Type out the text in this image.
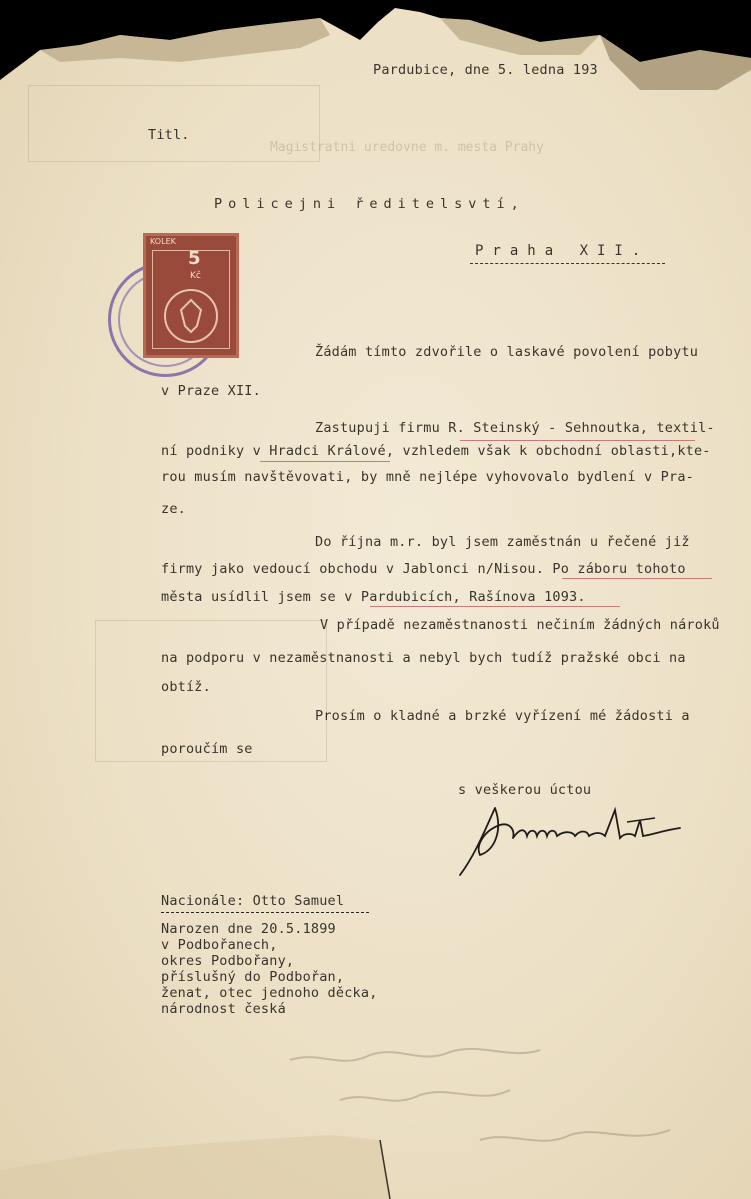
Magistratni uredovne m. mesta Prahy
Pardubice, dne 5. ledna 193
Titl.
Policejni ředitelsvtí,
Praha XII.
KOLEK
5
Kč
Žádám tímto zdvořile o laskavé povolení pobytu
v Praze XII.
Zastupuji firmu R. Steinský - Sehnoutka, textil-
ní podniky v Hradci Králové, vzhledem však k obchodní oblasti,kte-
rou musím navštěvovati, by mně nejlépe vyhovovalo bydlení v Pra-
ze.
Do října m.r. byl jsem zaměstnán u řečené již
firmy jako vedoucí obchodu v Jablonci n/Nisou. Po záboru tohoto
města usídlil jsem se v Pardubicích, Rašínova 1093.
V případě nezaměstnanosti nečiním žádných nároků
na podporu v nezaměstnanosti a nebyl bych tudíž pražské obci na
obtíž.
Prosím o kladné a brzké vyřízení mé žádosti a
poroučím se
s veškerou úctou
Nacionále: Otto Samuel
Narozen dne 20.5.1899
v Podbořanech,
okres Podbořany,
příslušný do Podbořan,
ženat, otec jednoho děcka,
národnost česká
